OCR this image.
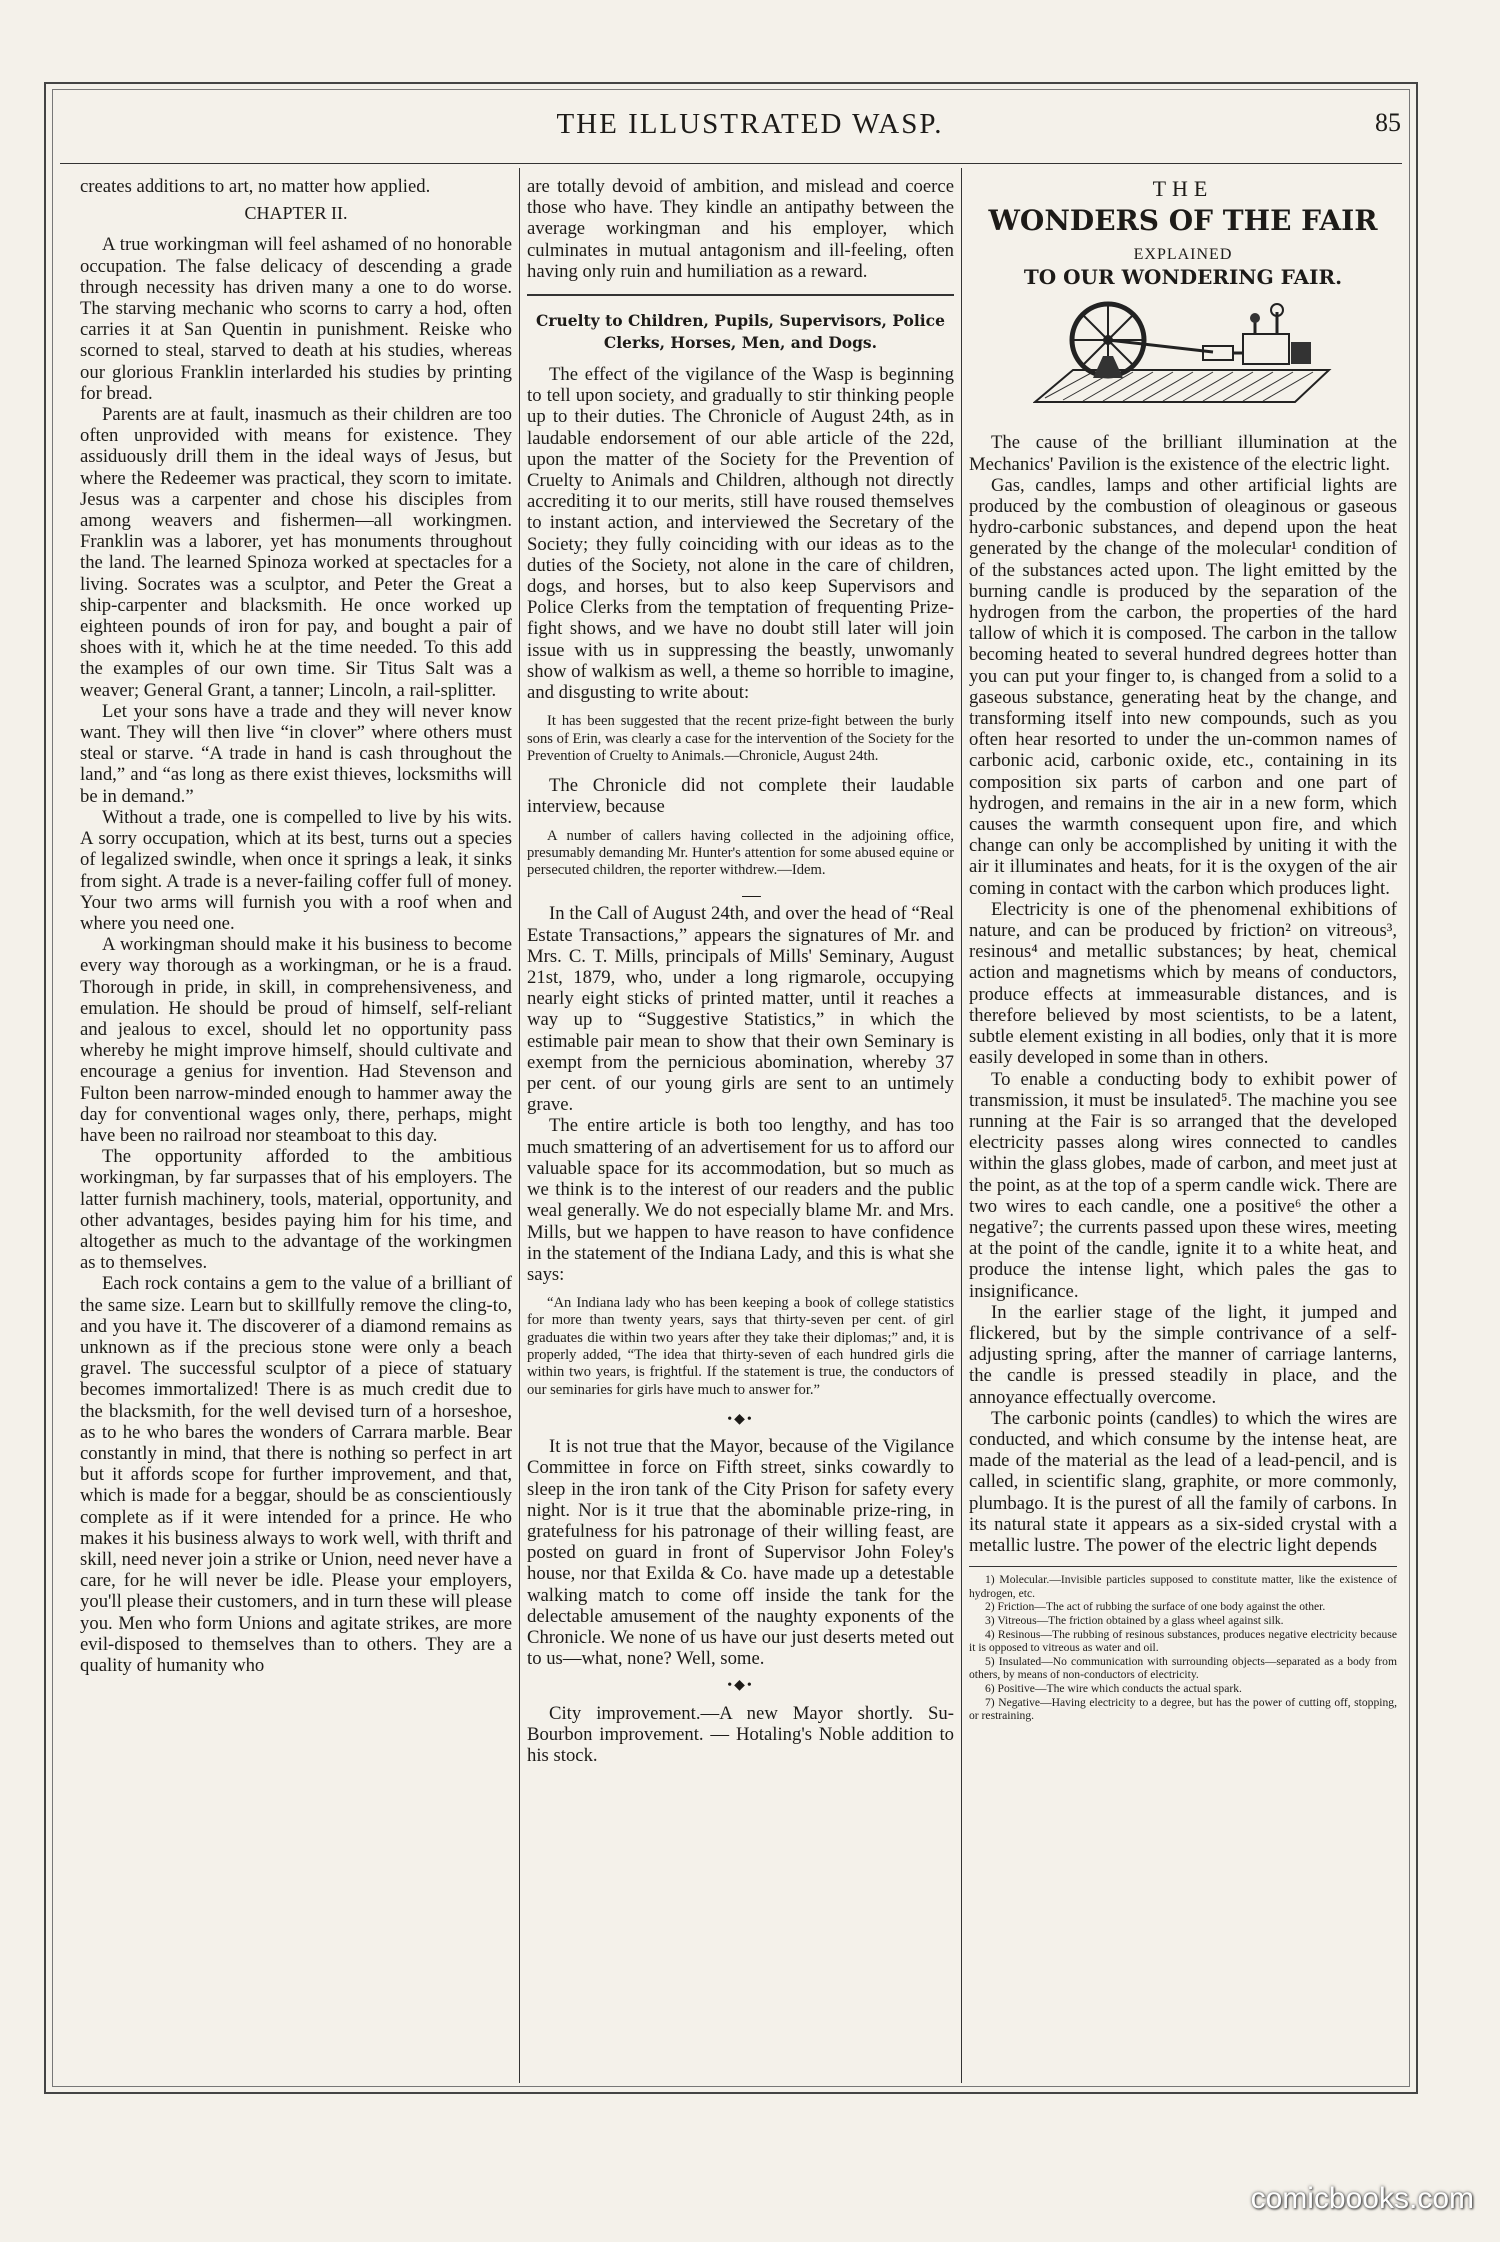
THE ILLUSTRATED WASP.	85

creates additions to art, no matter how applied.

CHAPTER II.

A true workingman will feel ashamed of no honorable occupation. The false delicacy of descending a grade through necessity has driven many a one to do worse. The starving mechanic who scorns to carry a hod, often carries it at San Quentin in punishment. Reiske who scorned to steal, starved to death at his studies, whereas our glorious Franklin interlarded his studies by printing for bread.

Parents are at fault, inasmuch as their children are too often unprovided with means for existence. They assiduously drill them in the ideal ways of Jesus, but where the Redeemer was practical, they scorn to imitate. Jesus was a carpenter and chose his disciples from among weavers and fishermen—all workingmen. Franklin was a laborer, yet has monuments throughout the land. The learned Spinoza worked at spectacles for a living. Socrates was a sculptor, and Peter the Great a ship-carpenter and blacksmith. He once worked up eighteen pounds of iron for pay, and bought a pair of shoes with it, which he at the time needed. To this add the examples of our own time. Sir Titus Salt was a weaver; General Grant, a tanner; Lincoln, a rail-splitter.

Let your sons have a trade and they will never know want. They will then live “in clover” where others must steal or starve. “A trade in hand is cash throughout the land,” and “as long as there exist thieves, locksmiths will be in demand.”

Without a trade, one is compelled to live by his wits. A sorry occupation, which at its best, turns out a species of legalized swindle, when once it springs a leak, it sinks from sight. A trade is a never-failing coffer full of money. Your two arms will furnish you with a roof when and where you need one.

A workingman should make it his business to become every way thorough as a workingman, or he is a fraud. Thorough in pride, in skill, in comprehensiveness, and emulation. He should be proud of himself, self-reliant and jealous to excel, should let no opportunity pass whereby he might improve himself, should cultivate and encourage a genius for invention. Had Stevenson and Fulton been narrow-minded enough to hammer away the day for conventional wages only, there, perhaps, might have been no railroad nor steamboat to this day.

The opportunity afforded to the ambitious workingman, by far surpasses that of his employers. The latter furnish machinery, tools, material, opportunity, and other advantages, besides paying him for his time, and altogether as much to the advantage of the workingmen as to themselves.

Each rock contains a gem to the value of a brilliant of the same size. Learn but to skillfully remove the cling-to, and you have it. The discoverer of a diamond remains as unknown as if the precious stone were only a beach gravel. The successful sculptor of a piece of statuary becomes immortalized! There is as much credit due to the blacksmith, for the well devised turn of a horseshoe, as to he who bares the wonders of Carrara marble. Bear constantly in mind, that there is nothing so perfect in art but it affords scope for further improvement, and that, which is made for a beggar, should be as conscientiously complete as if it were intended for a prince. He who makes it his business always to work well, with thrift and skill, need never join a strike or Union, need never have a care, for he will never be idle. Please your employers, you'll please their customers, and in turn these will please you. Men who form Unions and agitate strikes, are more evil-disposed to themselves than to others. They are a quality of humanity who

are totally devoid of ambition, and mislead and coerce those who have. They kindle an antipathy between the average workingman and his employer, which culminates in mutual antagonism and ill-feeling, often having only ruin and humiliation as a reward.

Cruelty to Children, Pupils, Supervisors, Police Clerks, Horses, Men, and Dogs.

The effect of the vigilance of the Wasp is beginning to tell upon society, and gradually to stir thinking people up to their duties. The Chronicle of August 24th, as in laudable endorsement of our able article of the 22d, upon the matter of the Society for the Prevention of Cruelty to Animals and Children, although not directly accrediting it to our merits, still have roused themselves to instant action, and interviewed the Secretary of the Society; they fully coinciding with our ideas as to the duties of the Society, not alone in the care of children, dogs, and horses, but to also keep Supervisors and Police Clerks from the temptation of frequenting Prize-fight shows, and we have no doubt still later will join issue with us in suppressing the beastly, unwomanly show of walkism as well, a theme so horrible to imagine, and disgusting to write about:

It has been suggested that the recent prize-fight between the burly sons of Erin, was clearly a case for the intervention of the Society for the Prevention of Cruelty to Animals.—Chronicle, August 24th.

The Chronicle did not complete their laudable interview, because

A number of callers having collected in the adjoining office, presumably demanding Mr. Hunter's attention for some abused equine or persecuted children, the reporter withdrew.—Idem.

—

In the Call of August 24th, and over the head of “Real Estate Transactions,” appears the signatures of Mr. and Mrs. C. T. Mills, principals of Mills' Seminary, August 21st, 1879, who, under a long rigmarole, occupying nearly eight sticks of printed matter, until it reaches a way up to “Suggestive Statistics,” in which the estimable pair mean to show that their own Seminary is exempt from the pernicious abomination, whereby 37 per cent. of our young girls are sent to an untimely grave.

The entire article is both too lengthy, and has too much smattering of an advertisement for us to afford our valuable space for its accommodation, but so much as we think is to the interest of our readers and the public weal generally. We do not especially blame Mr. and Mrs. Mills, but we happen to have reason to have confidence in the statement of the Indiana Lady, and this is what she says:

“An Indiana lady who has been keeping a book of college statistics for more than twenty years, says that thirty-seven per cent. of girl graduates die within two years after they take their diplomas;” and, it is properly added, “The idea that thirty-seven of each hundred girls die within two years, is frightful. If the statement is true, the conductors of our seminaries for girls have much to answer for.”

•◆•

It is not true that the Mayor, because of the Vigilance Committee in force on Fifth street, sinks cowardly to sleep in the iron tank of the City Prison for safety every night. Nor is it true that the abominable prize-ring, in gratefulness for his patronage of their willing feast, are posted on guard in front of Supervisor John Foley's house, nor that Exilda & Co. have made up a detestable walking match to come off inside the tank for the delectable amusement of the naughty exponents of the Chronicle. We none of us have our just deserts meted out to us—what, none? Well, some.

•◆•

City improvement.—A new Mayor shortly. Su-Bourbon improvement. — Hotaling's Noble addition to his stock.

THE
WONDERS OF THE FAIR
EXPLAINED
TO OUR WONDERING FAIR.

The cause of the brilliant illumination at the Mechanics' Pavilion is the existence of the electric light.

Gas, candles, lamps and other artificial lights are produced by the combustion of oleaginous or gaseous hydro-carbonic substances, and depend upon the heat generated by the change of the molecular¹ condition of of the substances acted upon. The light emitted by the burning candle is produced by the separation of the hydrogen from the carbon, the properties of the hard tallow of which it is composed. The carbon in the tallow becoming heated to several hundred degrees hotter than you can put your finger to, is changed from a solid to a gaseous substance, generating heat by the change, and transforming itself into new compounds, such as you often hear resorted to under the un-common names of carbonic acid, carbonic oxide, etc., containing in its composition six parts of carbon and one part of hydrogen, and remains in the air in a new form, which causes the warmth consequent upon fire, and which change can only be accomplished by uniting it with the air it illuminates and heats, for it is the oxygen of the air coming in contact with the carbon which produces light.

Electricity is one of the phenomenal exhibitions of nature, and can be produced by friction² on vitreous³, resinous⁴ and metallic substances; by heat, chemical action and magnetisms which by means of conductors, produce effects at immeasurable distances, and is therefore believed by most scientists, to be a latent, subtle element existing in all bodies, only that it is more easily developed in some than in others.

To enable a conducting body to exhibit power of transmission, it must be insulated⁵. The machine you see running at the Fair is so arranged that the developed electricity passes along wires connected to candles within the glass globes, made of carbon, and meet just at the point, as at the top of a sperm candle wick. There are two wires to each candle, one a positive⁶ the other a negative⁷; the currents passed upon these wires, meeting at the point of the candle, ignite it to a white heat, and produce the intense light, which pales the gas to insignificance.

In the earlier stage of the light, it jumped and flickered, but by the simple contrivance of a self-adjusting spring, after the manner of carriage lanterns, the candle is pressed steadily in place, and the annoyance effectually overcome.

The carbonic points (candles) to which the wires are conducted, and which consume by the intense heat, are made of the material as the lead of a lead-pencil, and is called, in scientific slang, graphite, or more commonly, plumbago. It is the purest of all the family of carbons. In its natural state it appears as a six-sided crystal with a metallic lustre. The power of the electric light depends

1) Molecular.—Invisible particles supposed to constitute matter, like the existence of hydrogen, etc.
2) Friction—The act of rubbing the surface of one body against the other.
3) Vitreous—The friction obtained by a glass wheel against silk.
4) Resinous—The rubbing of resinous substances, produces negative electricity because it is opposed to vitreous as water and oil.
5) Insulated—No communication with surrounding objects—separated as a body from others, by means of non-conductors of electricity.
6) Positive—The wire which conducts the actual spark.
7) Negative—Having electricity to a degree, but has the power of cutting off, stopping, or restraining.
comicbooks.com
